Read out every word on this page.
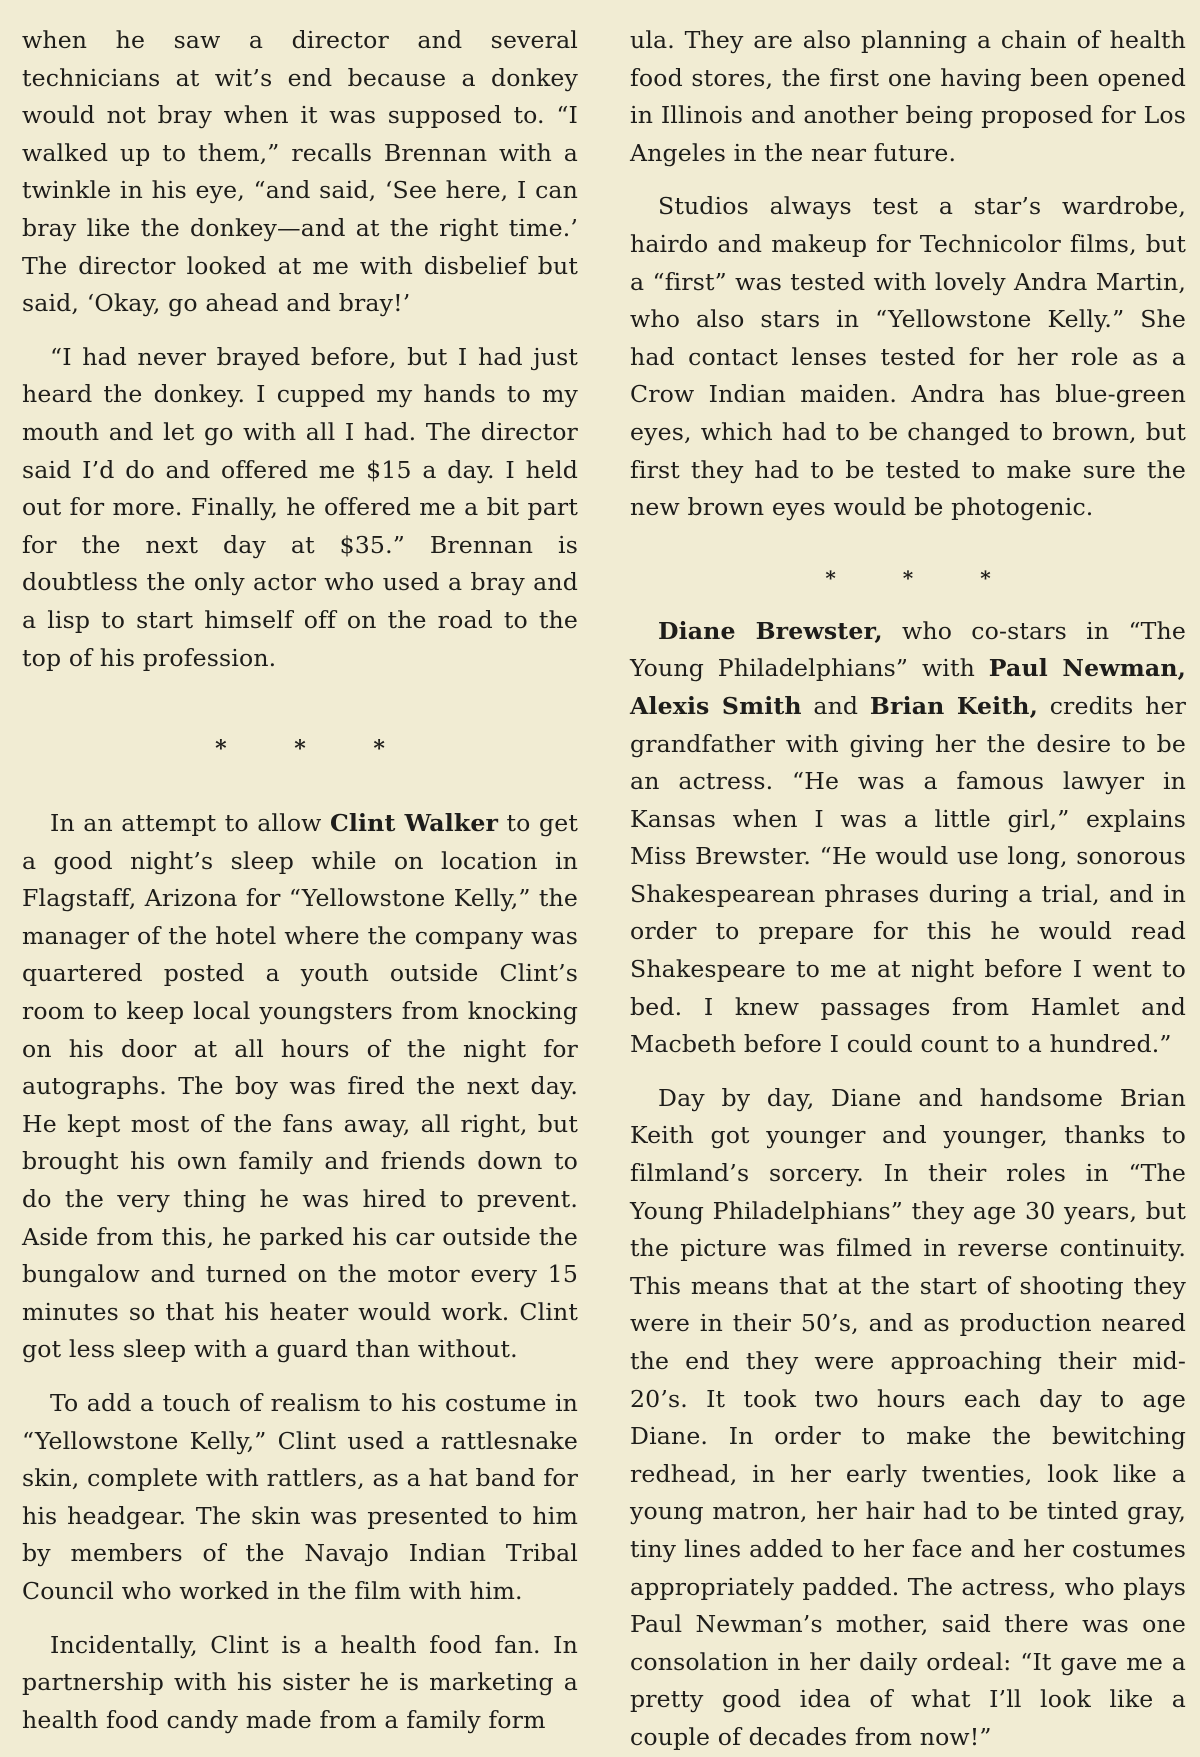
when he saw a director and several technicians at wit’s end because a donkey would not bray when it was supposed to. “I walked up to them,” recalls Brennan with a twinkle in his eye, “and said, ‘See here, I can bray like the donkey—and at the right time.’ The director looked at me with disbelief but said, ‘Okay, go ahead and bray!’

“I had never brayed before, but I had just heard the donkey. I cupped my hands to my mouth and let go with all I had. The director said I’d do and offered me $15 a day. I held out for more. Finally, he offered me a bit part for the next day at $35.” Brennan is doubtless the only actor who used a bray and a lisp to start himself off on the road to the top of his profession.

* * *

In an attempt to allow Clint Walker to get a good night’s sleep while on location in Flagstaff, Arizona for “Yellowstone Kelly,” the manager of the hotel where the company was quartered posted a youth outside Clint’s room to keep local youngsters from knocking on his door at all hours of the night for autographs. The boy was fired the next day. He kept most of the fans away, all right, but brought his own family and friends down to do the very thing he was hired to prevent. Aside from this, he parked his car outside the bungalow and turned on the motor every 15 minutes so that his heater would work. Clint got less sleep with a guard than without.

To add a touch of realism to his costume in “Yellowstone Kelly,” Clint used a rattlesnake skin, complete with rattlers, as a hat band for his headgear. The skin was presented to him by members of the Navajo Indian Tribal Council who worked in the film with him.

Incidentally, Clint is a health food fan. In partnership with his sister he is marketing a health food candy made from a family form

ula. They are also planning a chain of health food stores, the first one having been opened in Illinois and another being proposed for Los Angeles in the near future.

Studios always test a star’s wardrobe, hairdo and makeup for Technicolor films, but a “first” was tested with lovely Andra Martin, who also stars in “Yellowstone Kelly.” She had contact lenses tested for her role as a Crow Indian maiden. Andra has blue-green eyes, which had to be changed to brown, but first they had to be tested to make sure the new brown eyes would be photogenic.

* * *

Diane Brewster, who co-stars in “The Young Philadelphians” with Paul Newman, Alexis Smith and Brian Keith, credits her grandfather with giving her the desire to be an actress. “He was a famous lawyer in Kansas when I was a little girl,” explains Miss Brewster. “He would use long, sonorous Shakespearean phrases during a trial, and in order to prepare for this he would read Shakespeare to me at night before I went to bed. I knew passages from Hamlet and Macbeth before I could count to a hundred.”

Day by day, Diane and handsome Brian Keith got younger and younger, thanks to filmland’s sorcery. In their roles in “The Young Philadelphians” they age 30 years, but the picture was filmed in reverse continuity. This means that at the start of shooting they were in their 50’s, and as production neared the end they were approaching their mid-20’s. It took two hours each day to age Diane. In order to make the bewitching redhead, in her early twenties, look like a young matron, her hair had to be tinted gray, tiny lines added to her face and her costumes appropriately padded. The actress, who plays Paul Newman’s mother, said there was one consolation in her daily ordeal: “It gave me a pretty good idea of what I’ll look like a couple of decades from now!”
